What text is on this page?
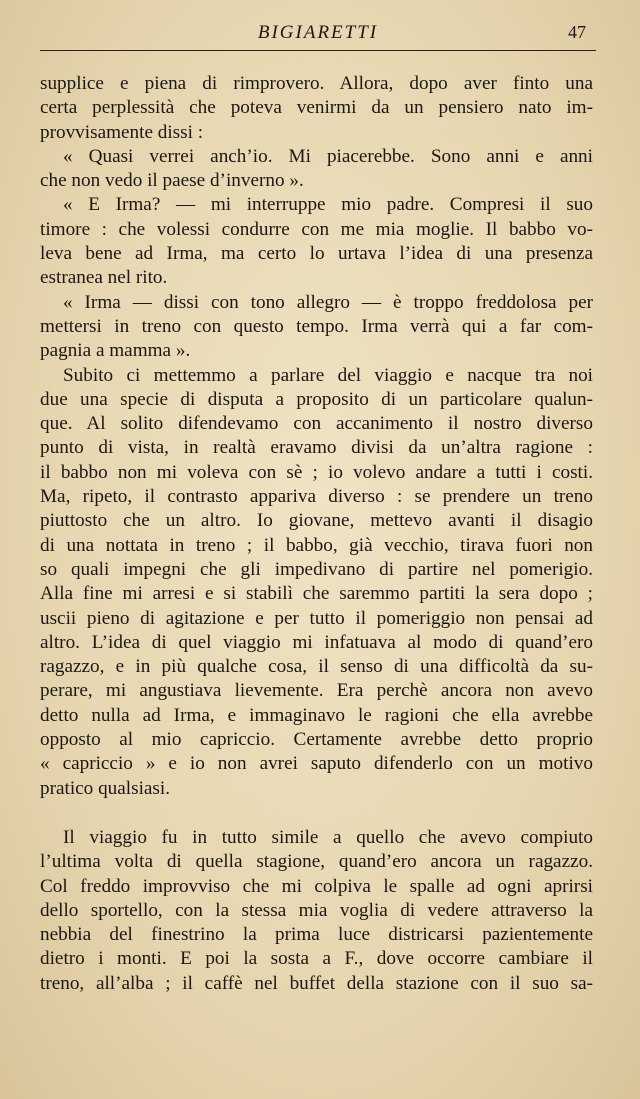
BIGIARETTI	47
supplice e piena di rimprovero. Allora, dopo aver finto una
certa perplessità che poteva venirmi da un pensiero nato im-
provvisamente dissi :
« Quasi verrei anch’io. Mi piacerebbe. Sono anni e anni
che non vedo il paese d’inverno ».
« E Irma? — mi interruppe mio padre. Compresi il suo
timore : che volessi condurre con me mia moglie. Il babbo vo-
leva bene ad Irma, ma certo lo urtava l’idea di una presenza
estranea nel rito.
« Irma — dissi con tono allegro — è troppo freddolosa per
mettersi in treno con questo tempo. Irma verrà qui a far com-
pagnia a mamma ».
Subito ci mettemmo a parlare del viaggio e nacque tra noi
due una specie di disputa a proposito di un particolare qualun-
que. Al solito difendevamo con accanimento il nostro diverso
punto di vista, in realtà eravamo divisi da un’altra ragione :
il babbo non mi voleva con sè ; io volevo andare a tutti i costi.
Ma, ripeto, il contrasto appariva diverso : se prendere un treno
piuttosto che un altro. Io giovane, mettevo avanti il disagio
di una nottata in treno ; il babbo, già vecchio, tirava fuori non
so quali impegni che gli impedivano di partire nel pomerigio.
Alla fine mi arresi e si stabilì che saremmo partiti la sera dopo ;
uscii pieno di agitazione e per tutto il pomeriggio non pensai ad
altro. L’idea di quel viaggio mi infatuava al modo di quand’ero
ragazzo, e in più qualche cosa, il senso di una difficoltà da su-
perare, mi angustiava lievemente. Era perchè ancora non avevo
detto nulla ad Irma, e immaginavo le ragioni che ella avrebbe
opposto al mio capriccio. Certamente avrebbe detto proprio
« capriccio » e io non avrei saputo difenderlo con un motivo
pratico qualsiasi.
Il viaggio fu in tutto simile a quello che avevo compiuto
l’ultima volta di quella stagione, quand’ero ancora un ragazzo.
Col freddo improvviso che mi colpiva le spalle ad ogni aprirsi
dello sportello, con la stessa mia voglia di vedere attraverso la
nebbia del finestrino la prima luce districarsi pazientemente
dietro i monti. E poi la sosta a F., dove occorre cambiare il
treno, all’alba ; il caffè nel buffet della stazione con il suo sa-
